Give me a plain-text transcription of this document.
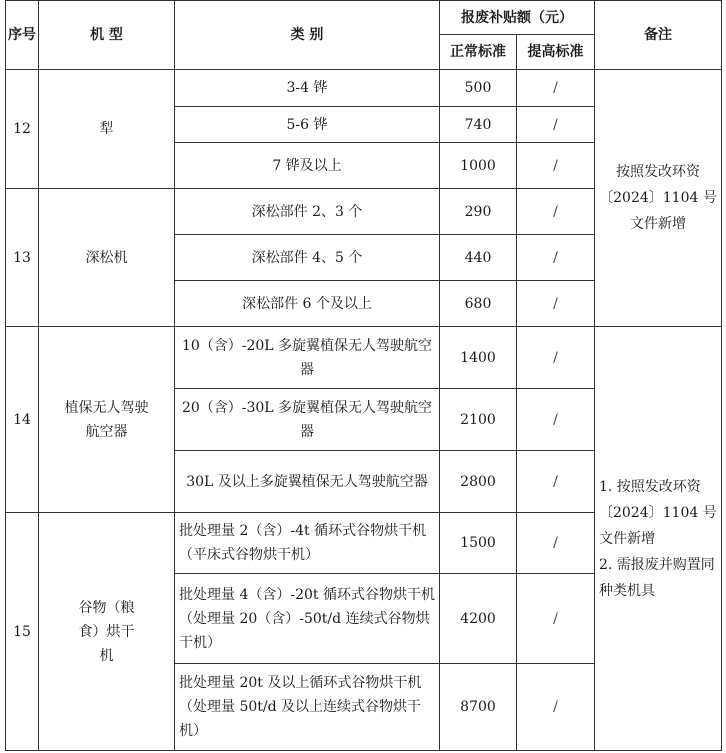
序号	机 型	类 别	报废补贴额（元）		备注
			正常标准	提高标准	
12	犁	3-4 铧	500	/	按照发改环资〔2024〕1104 号文件新增
		5-6 铧	740	/	
		7 铧及以上	1000	/	
13	深松机	深松部件 2、3 个	290	/	
		深松部件 4、5 个	440	/	
		深松部件 6 个及以上	680	/	
14	植保无人驾驶航空器	10（含）-20L 多旋翼植保无人驾驶航空器	1400	/	1. 按照发改环资〔2024〕1104 号文件新增
2. 需报废并购置同种类机具

		20（含）-30L 多旋翼植保无人驾驶航空器	2100	/	
		30L 及以上多旋翼植保无人驾驶航空器	2800	/	
15	谷物（粮食）烘干机	批处理量 2（含）-4t 循环式谷物烘干机（平床式谷物烘干机）	1500	/	
		批处理量 4（含）-20t 循环式谷物烘干机（处理量 20（含）-50t/d 连续式谷物烘干机）	4200	/	
		批处理量 20t 及以上循环式谷物烘干机（处理量 50t/d 及以上连续式谷物烘干机）	8700	/	
